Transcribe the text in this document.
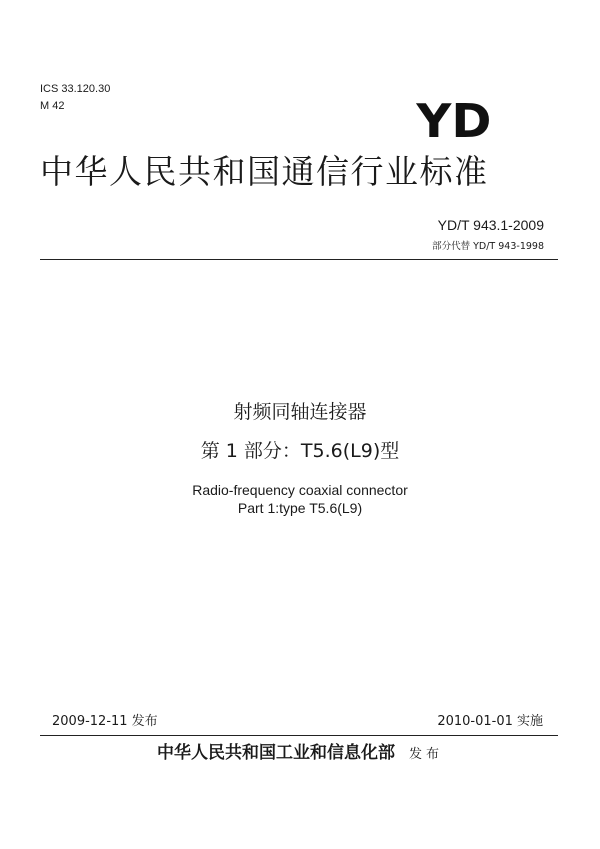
ICS 33.120.30
M 42	YD
中华人民共和国通信行业标准
YD/T 943.1-2009
部分代替 YD/T 943-1998
射频同轴连接器
第 1 部分：T5.6(L9)型
Radio-frequency coaxial connector
Part 1:type T5.6(L9)
2009-12-11 发布	2010-01-01 实施
中华人民共和国工业和信息化部 发布
